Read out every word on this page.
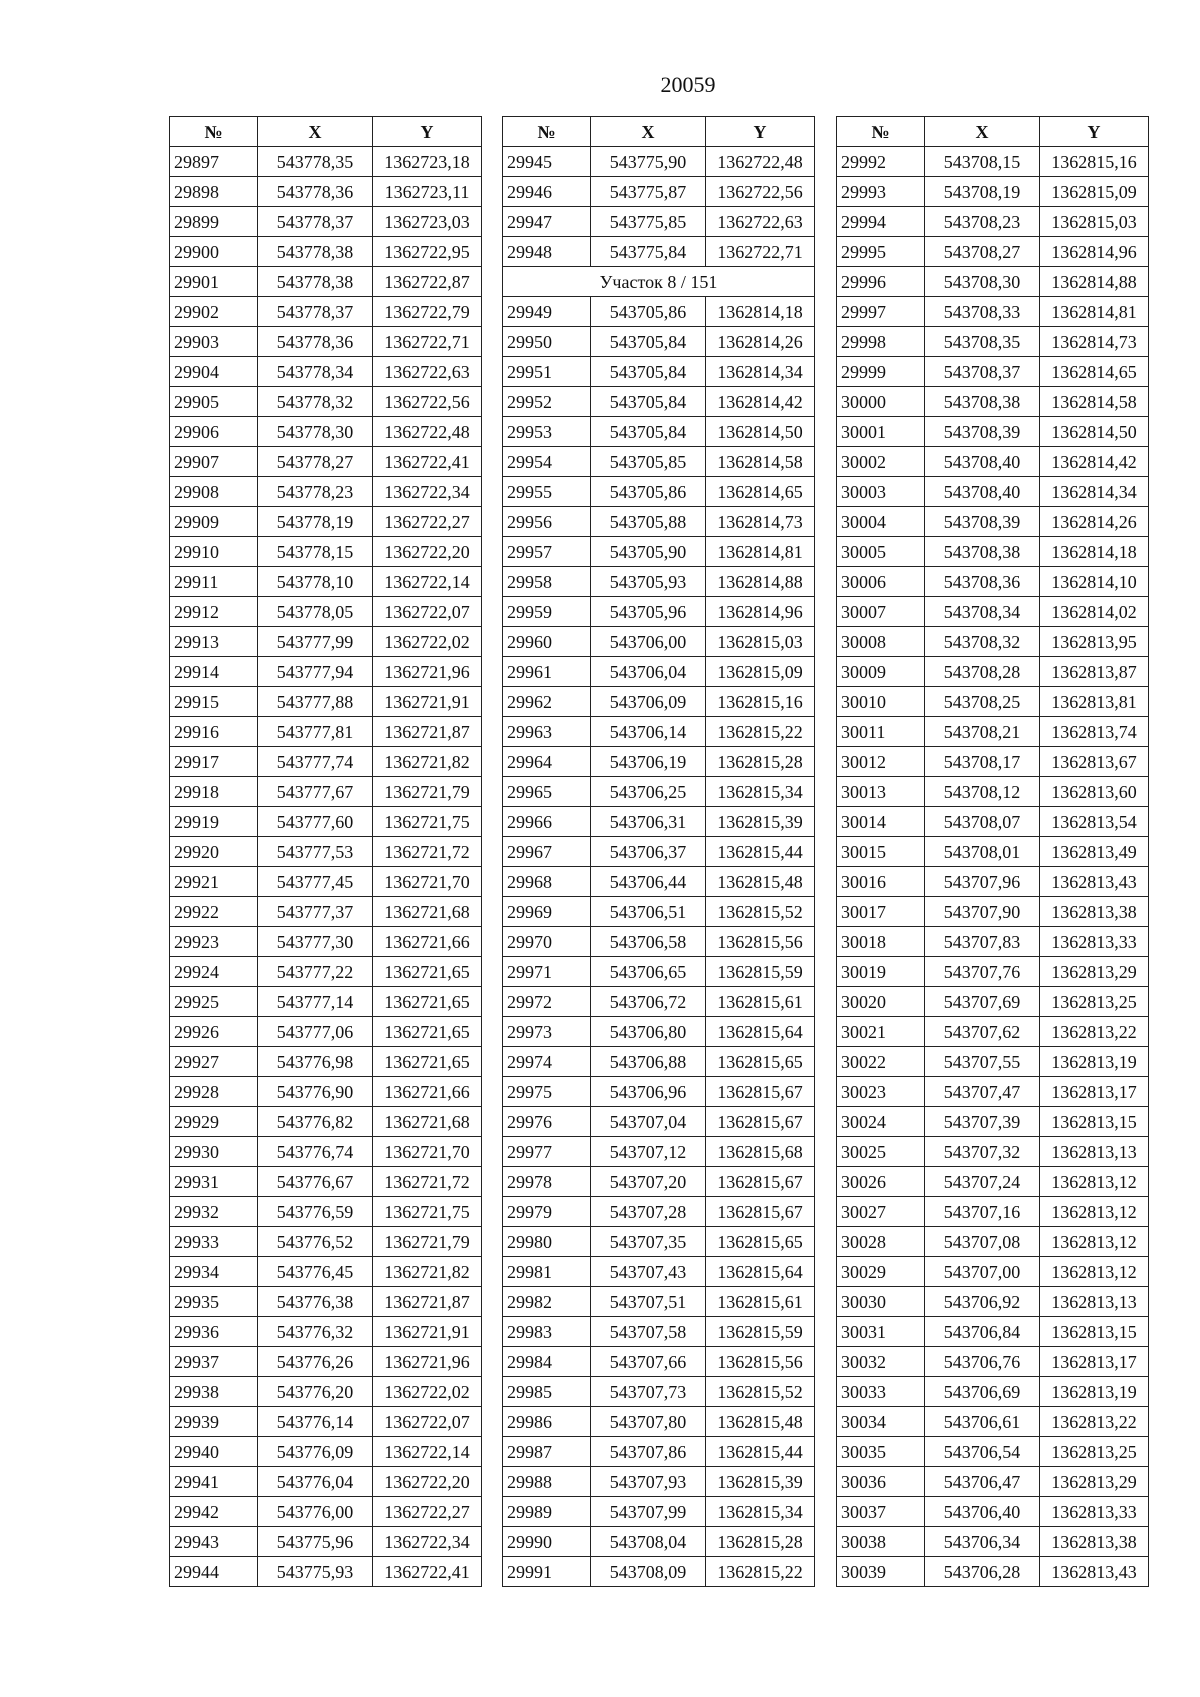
20059
№	X	Y
29897	543778,35	1362723,18
29898	543778,36	1362723,11
29899	543778,37	1362723,03
29900	543778,38	1362722,95
29901	543778,38	1362722,87
29902	543778,37	1362722,79
29903	543778,36	1362722,71
29904	543778,34	1362722,63
29905	543778,32	1362722,56
29906	543778,30	1362722,48
29907	543778,27	1362722,41
29908	543778,23	1362722,34
29909	543778,19	1362722,27
29910	543778,15	1362722,20
29911	543778,10	1362722,14
29912	543778,05	1362722,07
29913	543777,99	1362722,02
29914	543777,94	1362721,96
29915	543777,88	1362721,91
29916	543777,81	1362721,87
29917	543777,74	1362721,82
29918	543777,67	1362721,79
29919	543777,60	1362721,75
29920	543777,53	1362721,72
29921	543777,45	1362721,70
29922	543777,37	1362721,68
29923	543777,30	1362721,66
29924	543777,22	1362721,65
29925	543777,14	1362721,65
29926	543777,06	1362721,65
29927	543776,98	1362721,65
29928	543776,90	1362721,66
29929	543776,82	1362721,68
29930	543776,74	1362721,70
29931	543776,67	1362721,72
29932	543776,59	1362721,75
29933	543776,52	1362721,79
29934	543776,45	1362721,82
29935	543776,38	1362721,87
29936	543776,32	1362721,91
29937	543776,26	1362721,96
29938	543776,20	1362722,02
29939	543776,14	1362722,07
29940	543776,09	1362722,14
29941	543776,04	1362722,20
29942	543776,00	1362722,27
29943	543775,96	1362722,34
29944	543775,93	1362722,41
№	X	Y
29945	543775,90	1362722,48
29946	543775,87	1362722,56
29947	543775,85	1362722,63
29948	543775,84	1362722,71
Участок 8 / 151		
29949	543705,86	1362814,18
29950	543705,84	1362814,26
29951	543705,84	1362814,34
29952	543705,84	1362814,42
29953	543705,84	1362814,50
29954	543705,85	1362814,58
29955	543705,86	1362814,65
29956	543705,88	1362814,73
29957	543705,90	1362814,81
29958	543705,93	1362814,88
29959	543705,96	1362814,96
29960	543706,00	1362815,03
29961	543706,04	1362815,09
29962	543706,09	1362815,16
29963	543706,14	1362815,22
29964	543706,19	1362815,28
29965	543706,25	1362815,34
29966	543706,31	1362815,39
29967	543706,37	1362815,44
29968	543706,44	1362815,48
29969	543706,51	1362815,52
29970	543706,58	1362815,56
29971	543706,65	1362815,59
29972	543706,72	1362815,61
29973	543706,80	1362815,64
29974	543706,88	1362815,65
29975	543706,96	1362815,67
29976	543707,04	1362815,67
29977	543707,12	1362815,68
29978	543707,20	1362815,67
29979	543707,28	1362815,67
29980	543707,35	1362815,65
29981	543707,43	1362815,64
29982	543707,51	1362815,61
29983	543707,58	1362815,59
29984	543707,66	1362815,56
29985	543707,73	1362815,52
29986	543707,80	1362815,48
29987	543707,86	1362815,44
29988	543707,93	1362815,39
29989	543707,99	1362815,34
29990	543708,04	1362815,28
29991	543708,09	1362815,22
№	X	Y
29992	543708,15	1362815,16
29993	543708,19	1362815,09
29994	543708,23	1362815,03
29995	543708,27	1362814,96
29996	543708,30	1362814,88
29997	543708,33	1362814,81
29998	543708,35	1362814,73
29999	543708,37	1362814,65
30000	543708,38	1362814,58
30001	543708,39	1362814,50
30002	543708,40	1362814,42
30003	543708,40	1362814,34
30004	543708,39	1362814,26
30005	543708,38	1362814,18
30006	543708,36	1362814,10
30007	543708,34	1362814,02
30008	543708,32	1362813,95
30009	543708,28	1362813,87
30010	543708,25	1362813,81
30011	543708,21	1362813,74
30012	543708,17	1362813,67
30013	543708,12	1362813,60
30014	543708,07	1362813,54
30015	543708,01	1362813,49
30016	543707,96	1362813,43
30017	543707,90	1362813,38
30018	543707,83	1362813,33
30019	543707,76	1362813,29
30020	543707,69	1362813,25
30021	543707,62	1362813,22
30022	543707,55	1362813,19
30023	543707,47	1362813,17
30024	543707,39	1362813,15
30025	543707,32	1362813,13
30026	543707,24	1362813,12
30027	543707,16	1362813,12
30028	543707,08	1362813,12
30029	543707,00	1362813,12
30030	543706,92	1362813,13
30031	543706,84	1362813,15
30032	543706,76	1362813,17
30033	543706,69	1362813,19
30034	543706,61	1362813,22
30035	543706,54	1362813,25
30036	543706,47	1362813,29
30037	543706,40	1362813,33
30038	543706,34	1362813,38
30039	543706,28	1362813,43
